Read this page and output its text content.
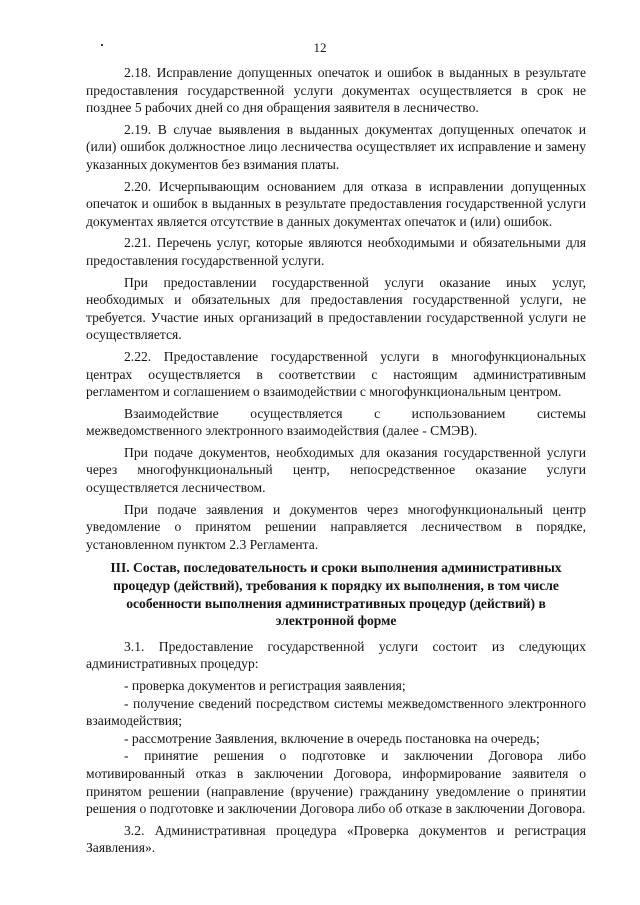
12

2.18. Исправление допущенных опечаток и ошибок в выданных в результате предоставления государственной услуги документах осуществляется в срок не позднее 5 рабочих дней со дня обращения заявителя в лесничество.

2.19. В случае выявления в выданных документах допущенных опечаток и (или) ошибок должностное лицо лесничества осуществляет их исправление и замену указанных документов без взимания платы.

2.20. Исчерпывающим основанием для отказа в исправлении допущенных опечаток и ошибок в выданных в результате предоставления государственной услуги документах является отсутствие в данных документах опечаток и (или) ошибок.

2.21. Перечень услуг, которые являются необходимыми и обязательными для предоставления государственной услуги.

При предоставлении государственной услуги оказание иных услуг, необходимых и обязательных для предоставления государственной услуги, не требуется. Участие иных организаций в предоставлении государственной услуги не осуществляется.

2.22. Предоставление государственной услуги в многофункциональных центрах осуществляется в соответствии с настоящим административным регламентом и соглашением о взаимодействии с многофункциональным центром.

Взаимодействие осуществляется с использованием системы межведомственного электронного взаимодействия (далее - СМЭВ).

При подаче документов, необходимых для оказания государственной услуги через многофункциональный центр, непосредственное оказание услуги осуществляется лесничеством.

При подаче заявления и документов через многофункциональный центр уведомление о принятом решении направляется лесничеством в порядке, установленном пунктом 2.3 Регламента.

III. Состав, последовательность и сроки выполнения административных процедур (действий), требования к порядку их выполнения, в том числе особенности выполнения административных процедур (действий) в электронной форме

3.1. Предоставление государственной услуги состоит из следующих административных процедур:

- проверка документов и регистрация заявления;

- получение сведений посредством системы межведомственного электронного взаимодействия;

- рассмотрение Заявления, включение в очередь постановка на очередь;

- принятие решения о подготовке и заключении Договора либо мотивированный отказ в заключении Договора, информирование заявителя о принятом решении (направление (вручение) гражданину уведомление о принятии решения о подготовке и заключении Договора либо об отказе в заключении Договора.

3.2. Административная процедура «Проверка документов и регистрация Заявления».
